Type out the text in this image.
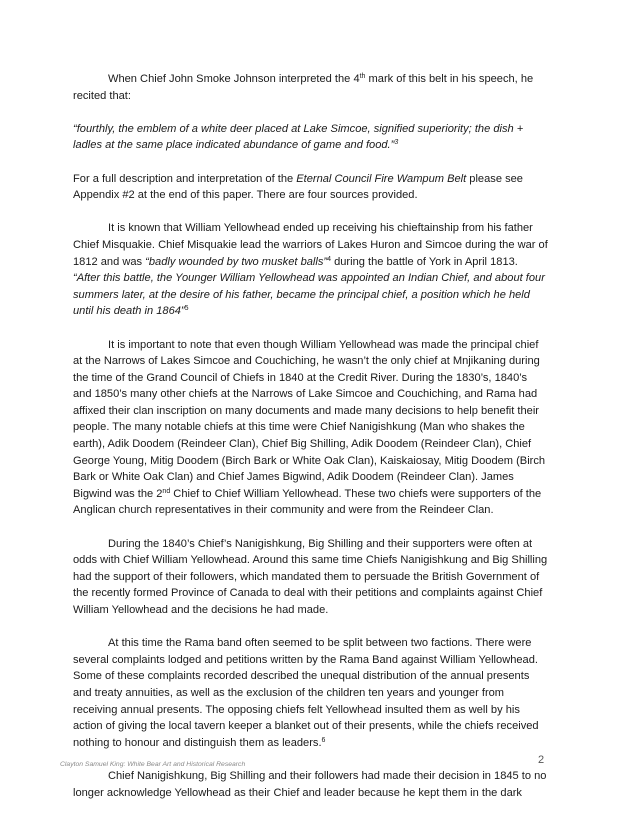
When Chief John Smoke Johnson interpreted the 4th mark of this belt in his speech, he recited that:

“fourthly, the emblem of a white deer placed at Lake Simcoe, signified superiority; the dish + ladles at the same place indicated abundance of game and food.”$^3$

For a full description and interpretation of the Eternal Council Fire Wampum Belt please see Appendix #2 at the end of this paper. There are four sources provided.

It is known that William Yellowhead ended up receiving his chieftainship from his father Chief Misquakie. Chief Misquakie lead the warriors of Lakes Huron and Simcoe during the war of 1812 and was “badly wounded by two musket balls”$^4$ during the battle of York in April 1813. “After this battle, the Younger William Yellowhead was appointed an Indian Chief, and about four summers later, at the desire of his father, became the principal chief, a position which he held until his death in 1864”$^5$

It is important to note that even though William Yellowhead was made the principal chief at the Narrows of Lakes Simcoe and Couchiching, he wasn’t the only chief at Mnjikaning during the time of the Grand Council of Chiefs in 1840 at the Credit River. During the 1830’s, 1840’s and 1850’s many other chiefs at the Narrows of Lake Simcoe and Couchiching, and Rama had affixed their clan inscription on many documents and made many decisions to help benefit their people. The many notable chiefs at this time were Chief Nanigishkung (Man who shakes the earth), Adik Doodem (Reindeer Clan), Chief Big Shilling, Adik Doodem (Reindeer Clan), Chief George Young, Mitig Doodem (Birch Bark or White Oak Clan), Kaiskaiosay, Mitig Doodem (Birch Bark or White Oak Clan) and Chief James Bigwind, Adik Doodem (Reindeer Clan). James Bigwind was the 2nd Chief to Chief William Yellowhead. These two chiefs were supporters of the Anglican church representatives in their community and were from the Reindeer Clan.

During the 1840’s Chief’s Nanigishkung, Big Shilling and their supporters were often at odds with Chief William Yellowhead. Around this same time Chiefs Nanigishkung and Big Shilling had the support of their followers, which mandated them to persuade the British Government of the recently formed Province of Canada to deal with their petitions and complaints against Chief William Yellowhead and the decisions he had made.

At this time the Rama band often seemed to be split between two factions. There were several complaints lodged and petitions written by the Rama Band against William Yellowhead. Some of these complaints recorded described the unequal distribution of the annual presents and treaty annuities, as well as the exclusion of the children ten years and younger from receiving annual presents. The opposing chiefs felt Yellowhead insulted them as well by his action of giving the local tavern keeper a blanket out of their presents, while the chiefs received nothing to honour and distinguish them as leaders.$^6$

Chief Nanigishkung, Big Shilling and their followers had made their decision in 1845 to no longer acknowledge Yellowhead as their Chief and leader because he kept them in the dark

Clayton Samuel King: White Bear Art and Historical Research	2
